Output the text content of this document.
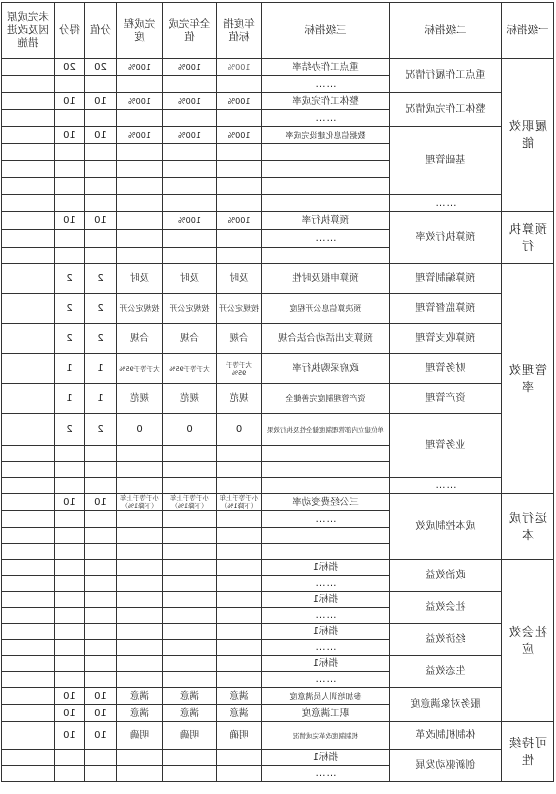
一级指标	二级指标	三级指标	年度指标值	全年完成值	完成程度	分值	得分	未完成原因及改进措施
履职效能	重点工作履行情况	重点工作办结率	100%	100%	100%	20	20	
		……						
	整体工作完成情况	整体工作完成率	100%	100%	100%	10	10	
		……						
	基础管理	数据信息化建设完成率	100%	100%	100%	10	10	

	……							
预算执行	预算执行效率	预算执行率	100%	100%		10	10	
		……						

管理效率	预算编制管理	预算申报及时性	及时	及时	及时	2	2	
	预算监督管理	预决算信息公开程度	按规定公开	按规定公开	按规定公开	2	2	
	预算收支管理	预算支出活动合法合规	合规	合规	合规	2	2	
	财务管理	政府采购执行率	大于等于95%	大于等于95%	大于等于95%	1	1	
	资产管理	资产管理制度完善健全	规范	规范	规范	1	1	
	业务管理	单位建立内部管理制度健全性及执行效果	0	0	0	2	2	

	……							
运行成本	成本控制成效	三公经费变动率	小于等于上年（下降1%）	小于等于上年（下降1%）	小于等于上年（下降1%）	10	10	
		……						

社会效应	政治效益	指标1						
		……						
	社会效益	指标1						
		……						
	经济效益	指标1						
		……						
	生态效益	指标1						
		……						
	服务对象满意度	参加培训人员满意度	满意	满意	满意	10	10	
		职工满意度	满意	满意	满意	10	10	
可持续性	体制机制改革	机制制度改革完成情况	明确	明确	明确	10	10	
	创新驱动发展	指标1						
		……						
